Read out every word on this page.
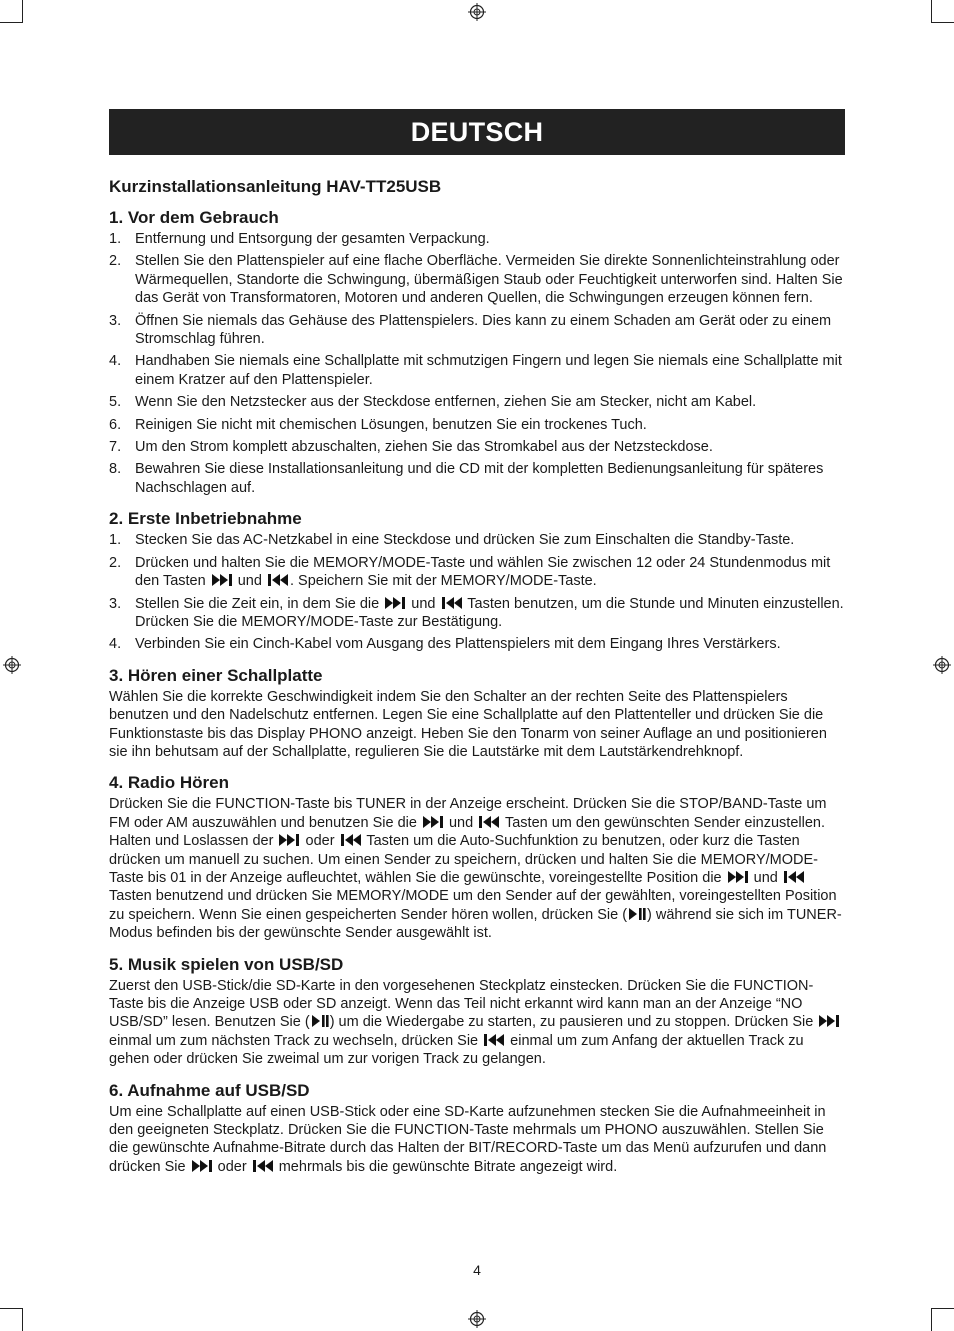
DEUTSCH
Kurzinstallationsanleitung HAV-TT25USB
1. Vor dem Gebrauch
1. Entfernung und Entsorgung der gesamten Verpackung.
2. Stellen Sie den Plattenspieler auf eine flache Oberfläche. Vermeiden Sie direkte Sonnenlichteinstrahlung oder Wärmequellen, Standorte die Schwingung, übermäßigen Staub oder Feuchtigkeit unterworfen sind. Halten Sie das Gerät von Transformatoren, Motoren und anderen Quellen, die Schwingungen erzeugen können fern.
3. Öffnen Sie niemals das Gehäuse des Plattenspielers. Dies kann zu einem Schaden am Gerät oder zu einem Stromschlag führen.
4. Handhaben Sie niemals eine Schallplatte mit schmutzigen Fingern und legen Sie niemals eine Schallplatte mit einem Kratzer auf den Plattenspieler.
5. Wenn Sie den Netzstecker aus der Steckdose entfernen, ziehen Sie am Stecker, nicht am Kabel.
6. Reinigen Sie nicht mit chemischen Lösungen, benutzen Sie ein trockenes Tuch.
7. Um den Strom komplett abzuschalten, ziehen Sie das Stromkabel aus der Netzsteckdose.
8. Bewahren Sie diese Installationsanleitung und die CD mit der kompletten Bedienungsanleitung für späteres Nachschlagen auf.
2. Erste Inbetriebnahme
1. Stecken Sie das AC-Netzkabel in eine Steckdose und drücken Sie zum Einschalten die Standby-Taste.
2. Drücken und halten Sie die MEMORY/MODE-Taste und wählen Sie zwischen 12 oder 24 Stundenmodus mit den Tasten
und
. Speichern Sie mit der MEMORY/MODE-Taste.
3. Stellen Sie die Zeit ein, in dem Sie die
und
Tasten benutzen, um die Stunde und Minuten einzustellen. Drücken Sie die MEMORY/MODE-Taste zur Bestätigung.
4. Verbinden Sie ein Cinch-Kabel vom Ausgang des Plattenspielers mit dem Eingang Ihres Verstärkers.
3. Hören einer Schallplatte

Wählen Sie die korrekte Geschwindigkeit indem Sie den Schalter an der rechten Seite des Plattenspielers benutzen und den Nadelschutz entfernen. Legen Sie eine Schallplatte auf den Plattenteller und drücken Sie die Funktionstaste bis das Display PHONO anzeigt. Heben Sie den Tonarm von seiner Auflage an und positionieren sie ihn behutsam auf der Schallplatte, regulieren Sie die Lautstärke mit dem Lautstärkendrehknopf.

4. Radio Hören

Drücken Sie die FUNCTION-Taste bis TUNER in der Anzeige erscheint. Drücken Sie die STOP/BAND-Taste um FM oder AM auszuwählen und benutzen Sie die
und
Tasten um den gewünschten Sender einzustellen. Halten und Loslassen der
oder
Tasten um die Auto-Suchfunktion zu benutzen, oder kurz die Tasten drücken um manuell zu suchen. Um einen Sender zu speichern, drücken und halten Sie die MEMORY/MODE-Taste bis 01 in der Anzeige aufleuchtet, wählen Sie die gewünschte, voreingestellte Position die
und
Tasten benutzend und drücken Sie MEMORY/MODE um den Sender auf der gewählten, voreingestellten Position zu speichern. Wenn Sie einen gespeicherten Sender hören wollen, drücken Sie ( ) während sie sich im TUNER-Modus befinden bis der gewünschte Sender ausgewählt ist.

5. Musik spielen von USB/SD

Zuerst den USB-Stick/die SD-Karte in den vorgesehenen Steckplatz einstecken. Drücken Sie die FUNCTION-Taste bis die Anzeige USB oder SD anzeigt. Wenn das Teil nicht erkannt wird kann man an der Anzeige “NO USB/SD” lesen. Benutzen Sie ( ) um die Wiedergabe zu starten, zu pausieren und zu stoppen. Drücken Sie
einmal um zum nächsten Track zu wechseln, drücken Sie
einmal um zum Anfang der aktuellen Track zu gehen oder drücken Sie zweimal um zur vorigen Track zu gelangen.

6. Aufnahme auf USB/SD

Um eine Schallplatte auf einen USB-Stick oder eine SD-Karte aufzunehmen stecken Sie die Aufnahmeeinheit in den geeigneten Steckplatz. Drücken Sie die FUNCTION-Taste mehrmals um PHONO auszuwählen. Stellen Sie die gewünschte Aufnahme-Bitrate durch das Halten der BIT/RECORD-Taste um das Menü aufzurufen und dann drücken Sie
oder
mehrmals bis die gewünschte Bitrate angezeigt wird.

4
